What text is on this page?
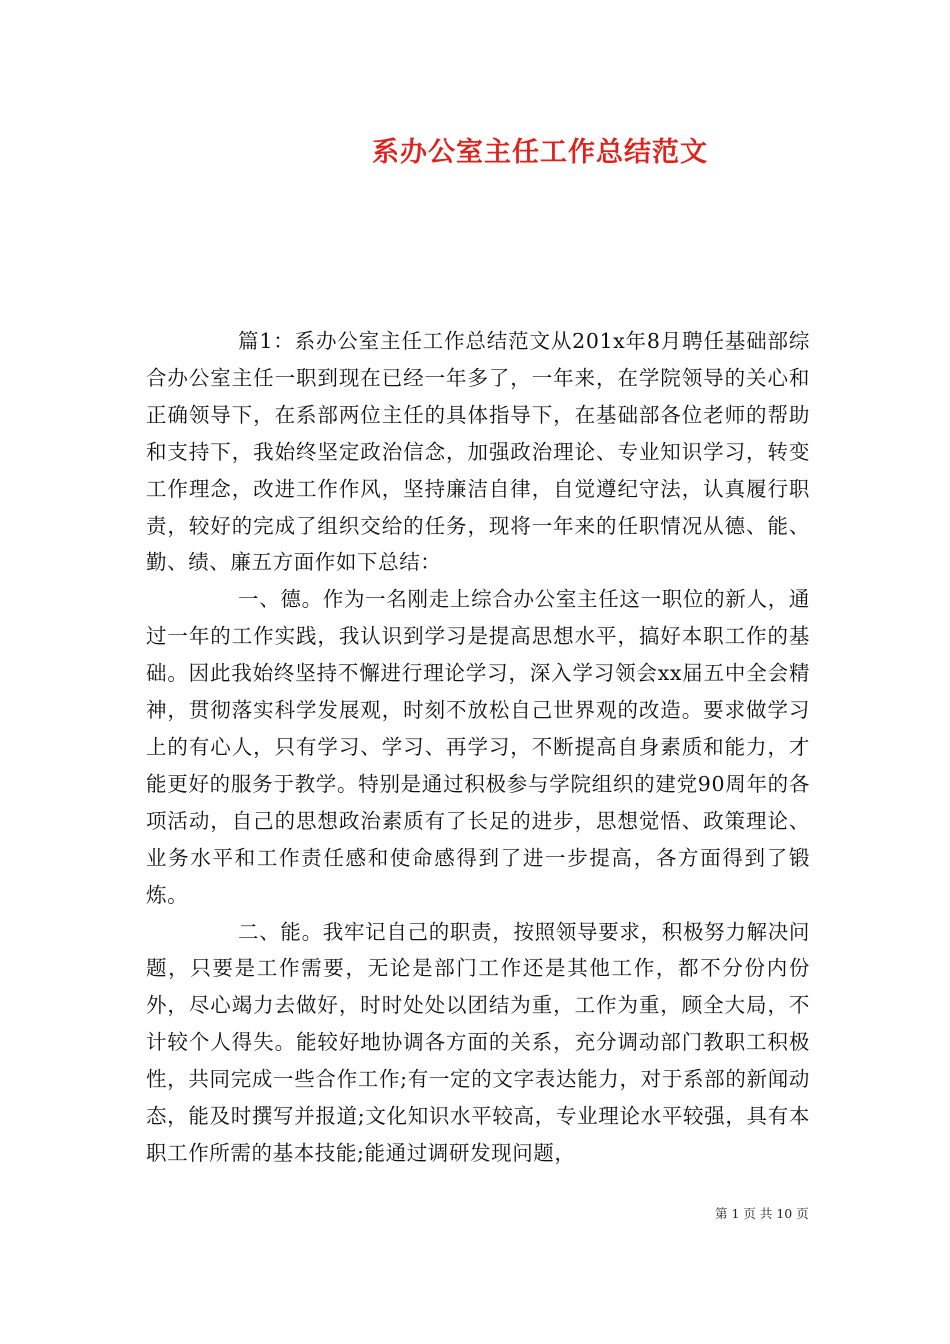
系办公室主任工作总结范文

篇1：系办公室主任工作总结范文从201x年8月聘任基础部综合办公室主任一职到现在已经一年多了，一年来，在学院领导的关心和正确领导下，在系部两位主任的具体指导下，在基础部各位老师的帮助和支持下，我始终坚定政治信念，加强政治理论、专业知识学习，转变工作理念，改进工作作风，坚持廉洁自律，自觉遵纪守法，认真履行职责，较好的完成了组织交给的任务，现将一年来的任职情况从德、能、勤、绩、廉五方面作如下总结：

一、德。作为一名刚走上综合办公室主任这一职位的新人，通过一年的工作实践，我认识到学习是提高思想水平，搞好本职工作的基础。因此我始终坚持不懈进行理论学习，深入学习领会xx届五中全会精神，贯彻落实科学发展观，时刻不放松自己世界观的改造。要求做学习上的有心人，只有学习、学习、再学习，不断提高自身素质和能力，才能更好的服务于教学。特别是通过积极参与学院组织的建党90周年的各项活动，自己的思想政治素质有了长足的进步，思想觉悟、政策理论、业务水平和工作责任感和使命感得到了进一步提高，各方面得到了锻炼。

二、能。我牢记自己的职责，按照领导要求，积极努力解决问题，只要是工作需要，无论是部门工作还是其他工作，都不分份内份外，尽心竭力去做好，时时处处以团结为重，工作为重，顾全大局，不计较个人得失。能较好地协调各方面的关系，充分调动部门教职工积极性，共同完成一些合作工作;有一定的文字表达能力，对于系部的新闻动态，能及时撰写并报道;文化知识水平较高，专业理论水平较强，具有本职工作所需的基本技能;能通过调研发现问题，

第 1 页 共 10 页
